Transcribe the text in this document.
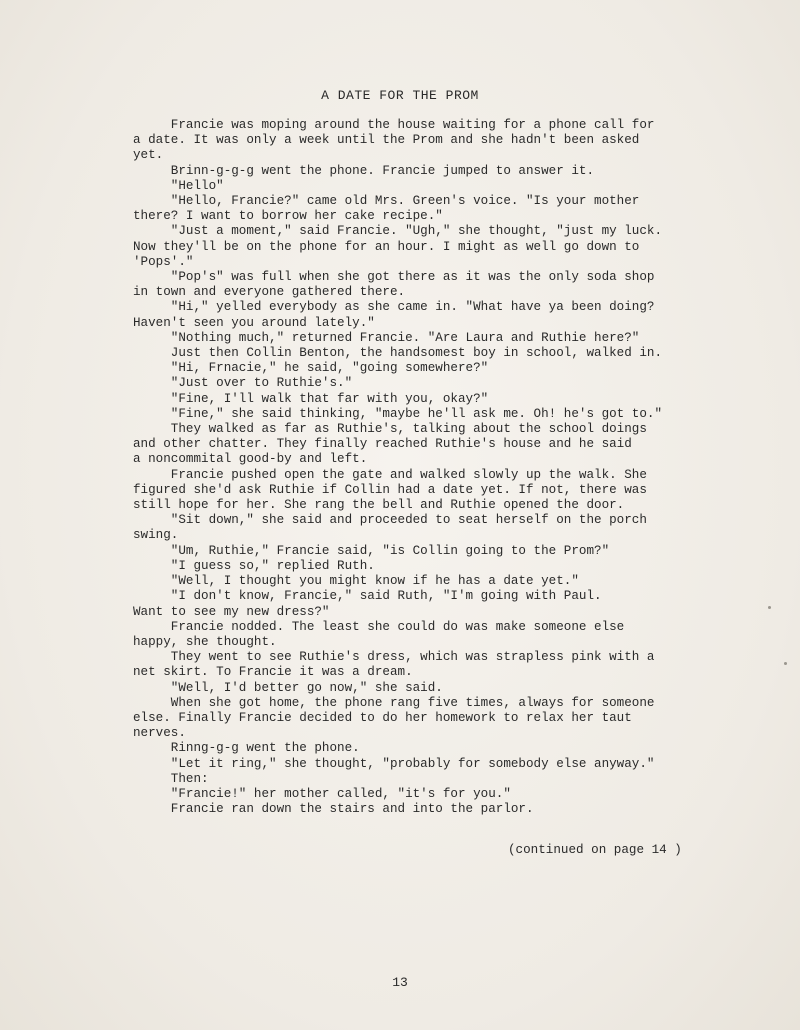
A DATE FOR THE PROM

Francie was moping around the house waiting for a phone call for

a date. It was only a week until the Prom and she hadn't been asked

yet.

Brinn-g-g-g went the phone. Francie jumped to answer it.

"Hello"

"Hello, Francie?" came old Mrs. Green's voice. "Is your mother

there? I want to borrow her cake recipe."

"Just a moment," said Francie. "Ugh," she thought, "just my luck.

Now they'll be on the phone for an hour. I might as well go down to

'Pops'."

"Pop's" was full when she got there as it was the only soda shop

in town and everyone gathered there.

"Hi," yelled everybody as she came in. "What have ya been doing?

Haven't seen you around lately."

"Nothing much," returned Francie. "Are Laura and Ruthie here?"

Just then Collin Benton, the handsomest boy in school, walked in.

"Hi, Frnacie," he said, "going somewhere?"

"Just over to Ruthie's."

"Fine, I'll walk that far with you, okay?"

"Fine," she said thinking, "maybe he'll ask me. Oh! he's got to."

They walked as far as Ruthie's, talking about the school doings

and other chatter. They finally reached Ruthie's house and he said

a noncommital good-by and left.

Francie pushed open the gate and walked slowly up the walk. She

figured she'd ask Ruthie if Collin had a date yet. If not, there was

still hope for her. She rang the bell and Ruthie opened the door.

"Sit down," she said and proceeded to seat herself on the porch

swing.

"Um, Ruthie," Francie said, "is Collin going to the Prom?"

"I guess so," replied Ruth.

"Well, I thought you might know if he has a date yet."

"I don't know, Francie," said Ruth, "I'm going with Paul.

Want to see my new dress?"

Francie nodded. The least she could do was make someone else

happy, she thought.

They went to see Ruthie's dress, which was strapless pink with a

net skirt. To Francie it was a dream.

"Well, I'd better go now," she said.

When she got home, the phone rang five times, always for someone

else. Finally Francie decided to do her homework to relax her taut

nerves.

Rinng-g-g went the phone.

"Let it ring," she thought, "probably for somebody else anyway."

Then:

"Francie!" her mother called, "it's for you."

Francie ran down the stairs and into the parlor.

(continued on page 14 )
13
